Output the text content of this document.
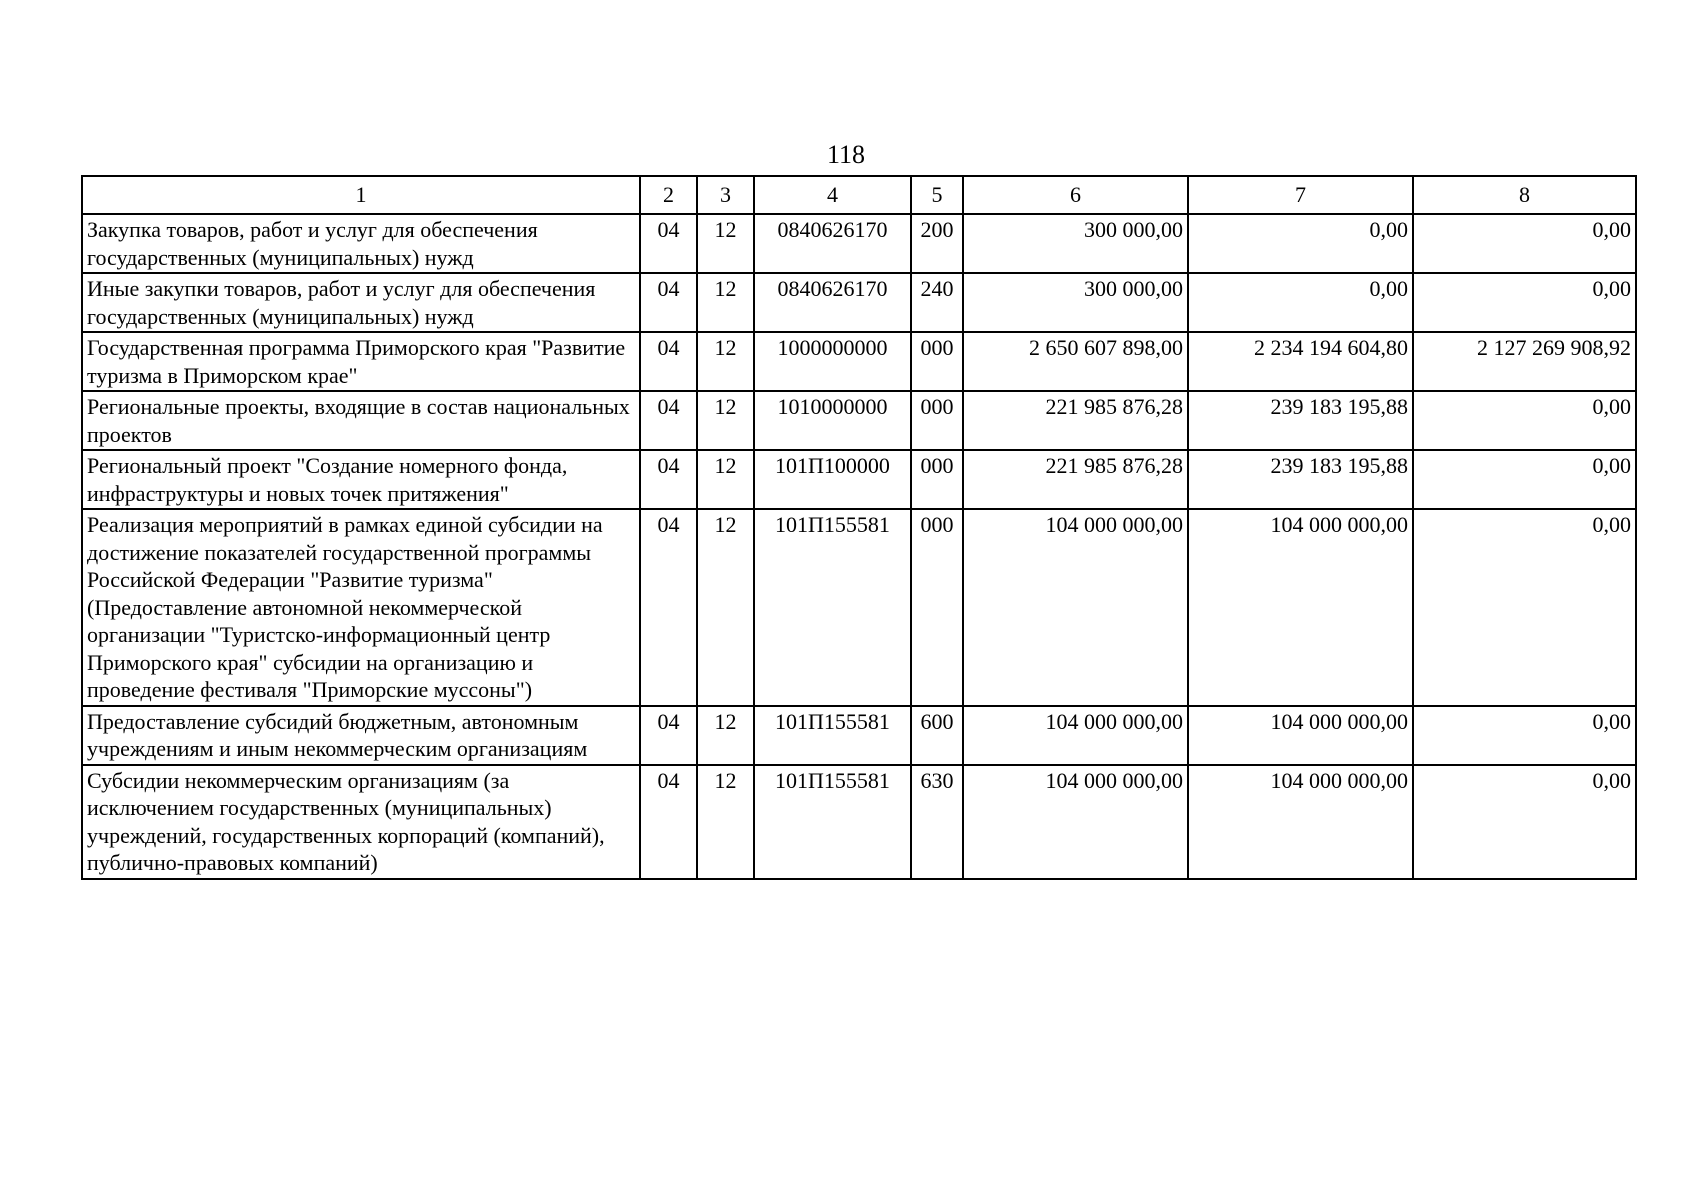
118
1	2	3	4	5	6	7	8
Закупка товаров, работ и услуг для обеспечения государственных (муниципальных) нужд	04	12	0840626170	200	300 000,00	0,00	0,00
Иные закупки товаров, работ и услуг для обеспечения государственных (муниципальных) нужд	04	12	0840626170	240	300 000,00	0,00	0,00
Государственная программа Приморского края "Развитие туризма в Приморском крае"	04	12	1000000000	000	2 650 607 898,00	2 234 194 604,80	2 127 269 908,92
Региональные проекты, входящие в состав национальных проектов	04	12	1010000000	000	221 985 876,28	239 183 195,88	0,00
Региональный проект "Создание номерного фонда, инфраструктуры и новых точек притяжения"	04	12	101П100000	000	221 985 876,28	239 183 195,88	0,00
Реализация мероприятий в рамках единой субсидии на достижение показателей государственной программы Российской Федерации "Развитие туризма" (Предоставление автономной некоммерческой организации "Туристско-информационный центр Приморского края" субсидии на организацию и проведение фестиваля "Приморские муссоны")	04	12	101П155581	000	104 000 000,00	104 000 000,00	0,00
Предоставление субсидий бюджетным, автономным учреждениям и иным некоммерческим организациям	04	12	101П155581	600	104 000 000,00	104 000 000,00	0,00
Субсидии некоммерческим организациям (за исключением государственных (муниципальных) учреждений, государственных корпораций (компаний), публично-правовых компаний)	04	12	101П155581	630	104 000 000,00	104 000 000,00	0,00
